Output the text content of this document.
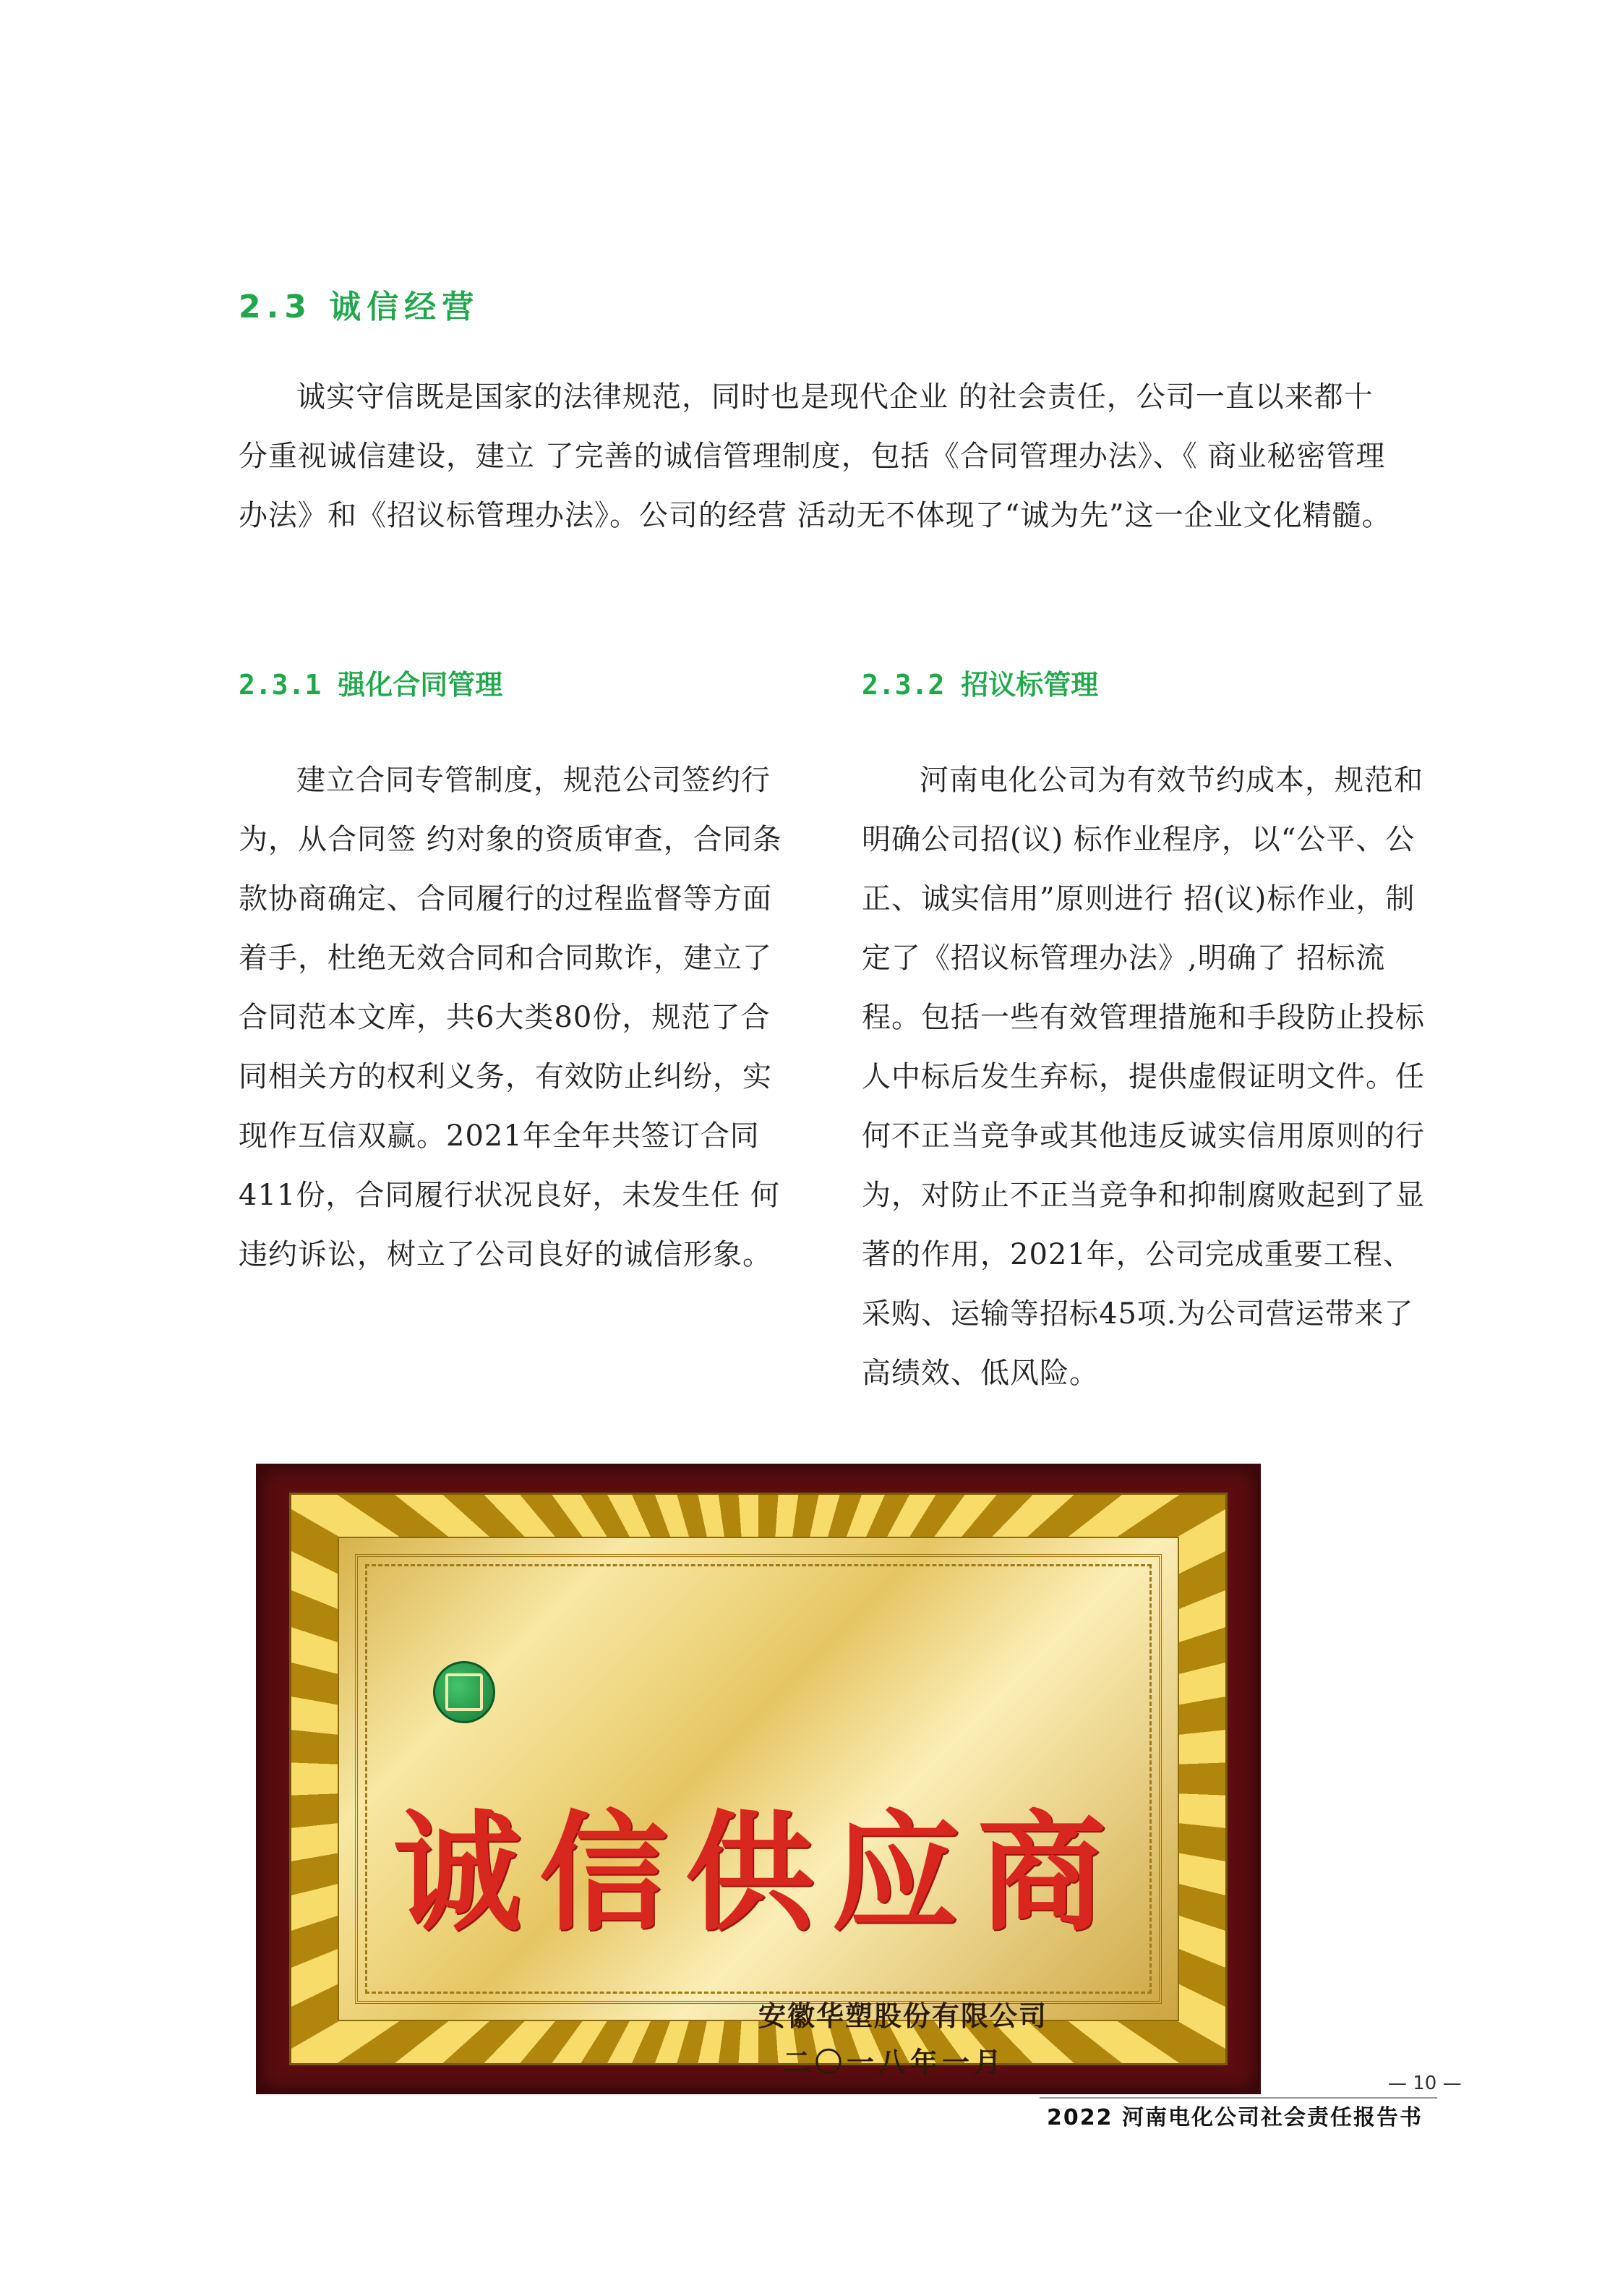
2.3 诚信经营

诚实守信既是国家的法律规范，同时也是现代企业 的社会责任，公司一直以来都十分重视诚信建设，建立 了完善的诚信管理制度，包括《合同管理办法》、《 商业秘密管理办法》和《招议标管理办法》。公司的经营 活动无不体现了“诚为先”这一企业文化精髓。

2.3.1 强化合同管理

建立合同专管制度，规范公司签约行为，从合同签 约对象的资质审查，合同条款协商确定、合同履行的过程监督等方面着手，杜绝无效合同和合同欺诈，建立了 合同范本文库，共6大类80份，规范了合同相关方的权利义务，有效防止纠纷，实现作互信双赢。2021年全年共签订合同411份，合同履行状况良好，未发生任 何违约诉讼，树立了公司良好的诚信形象。

2.3.2 招议标管理

河南电化公司为有效节约成本，规范和明确公司招(议) 标作业程序，以“公平、公正、诚实信用”原则进行 招(议)标作业，制定了《招议标管理办法》,明确了 招标流程。包括一些有效管理措施和手段防止投标人中标后发生弃标，提供虚假证明文件。任何不正当竞争或其他违反诚实信用原则的行为，对防止不正当竞争和抑制腐败起到了显著的作用，2021年，公司完成重要工程、采购、运输等招标45项.为公司营运带来了高绩效、低风险。

诚信供应商
安徽华塑股份有限公司
二〇一八年一月
— 10 —
2022 河南电化公司社会责任报告书
